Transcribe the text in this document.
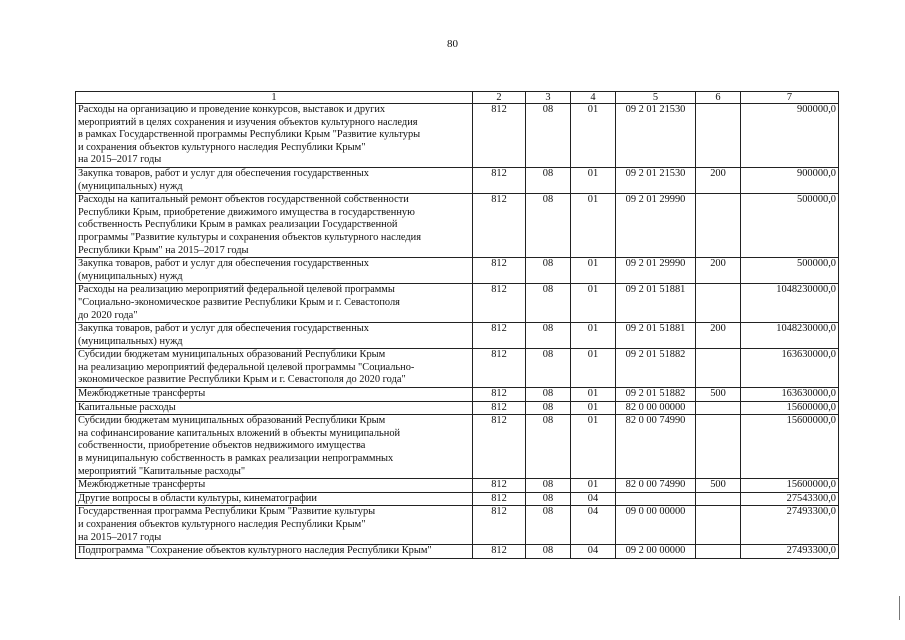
80
1	2	3	4	5	6	7
Расходы на организацию и проведение конкурсов, выставок и других
мероприятий в целях сохранения и изучения объектов культурного наследия
в рамках Государственной программы Республики Крым "Развитие культуры
и сохранения объектов культурного наследия Республики Крым"
на 2015–2017 годы	812	08	01	09 2 01 21530		900000,0
Закупка товаров, работ и услуг для обеспечения государственных
(муниципальных) нужд	812	08	01	09 2 01 21530	200	900000,0
Расходы на капитальный ремонт объектов государственной собственности
Республики Крым, приобретение движимого имущества в государственную
собственность Республики Крым в рамках реализации Государственной
программы "Развитие культуры и сохранения объектов культурного наследия
Республики Крым" на 2015–2017 годы	812	08	01	09 2 01 29990		500000,0
Закупка товаров, работ и услуг для обеспечения государственных
(муниципальных) нужд	812	08	01	09 2 01 29990	200	500000,0
Расходы на реализацию мероприятий федеральной целевой программы
"Социально-экономическое развитие Республики Крым и г. Севастополя
до 2020 года"	812	08	01	09 2 01 51881		1048230000,0
Закупка товаров, работ и услуг для обеспечения государственных
(муниципальных) нужд	812	08	01	09 2 01 51881	200	1048230000,0
Субсидии бюджетам муниципальных образований Республики Крым
на реализацию мероприятий федеральной целевой программы "Социально-
экономическое развитие Республики Крым и г. Севастополя до 2020 года"	812	08	01	09 2 01 51882		163630000,0
Межбюджетные трансферты	812	08	01	09 2 01 51882	500	163630000,0
Капитальные расходы	812	08	01	82 0 00 00000		15600000,0
Субсидии бюджетам муниципальных образований Республики Крым
на софинансирование капитальных вложений в объекты муниципальной
собственности, приобретение объектов недвижимого имущества
в муниципальную собственность в рамках реализации непрограммных
мероприятий "Капитальные расходы"	812	08	01	82 0 00 74990		15600000,0
Межбюджетные трансферты	812	08	01	82 0 00 74990	500	15600000,0
Другие вопросы в области культуры, кинематографии	812	08	04			27543300,0
Государственная программа Республики Крым "Развитие культуры
и сохранения объектов культурного наследия Республики Крым"
на 2015–2017 годы	812	08	04	09 0 00 00000		27493300,0
Подпрограмма "Сохранение объектов культурного наследия Республики Крым"	812	08	04	09 2 00 00000		27493300,0
